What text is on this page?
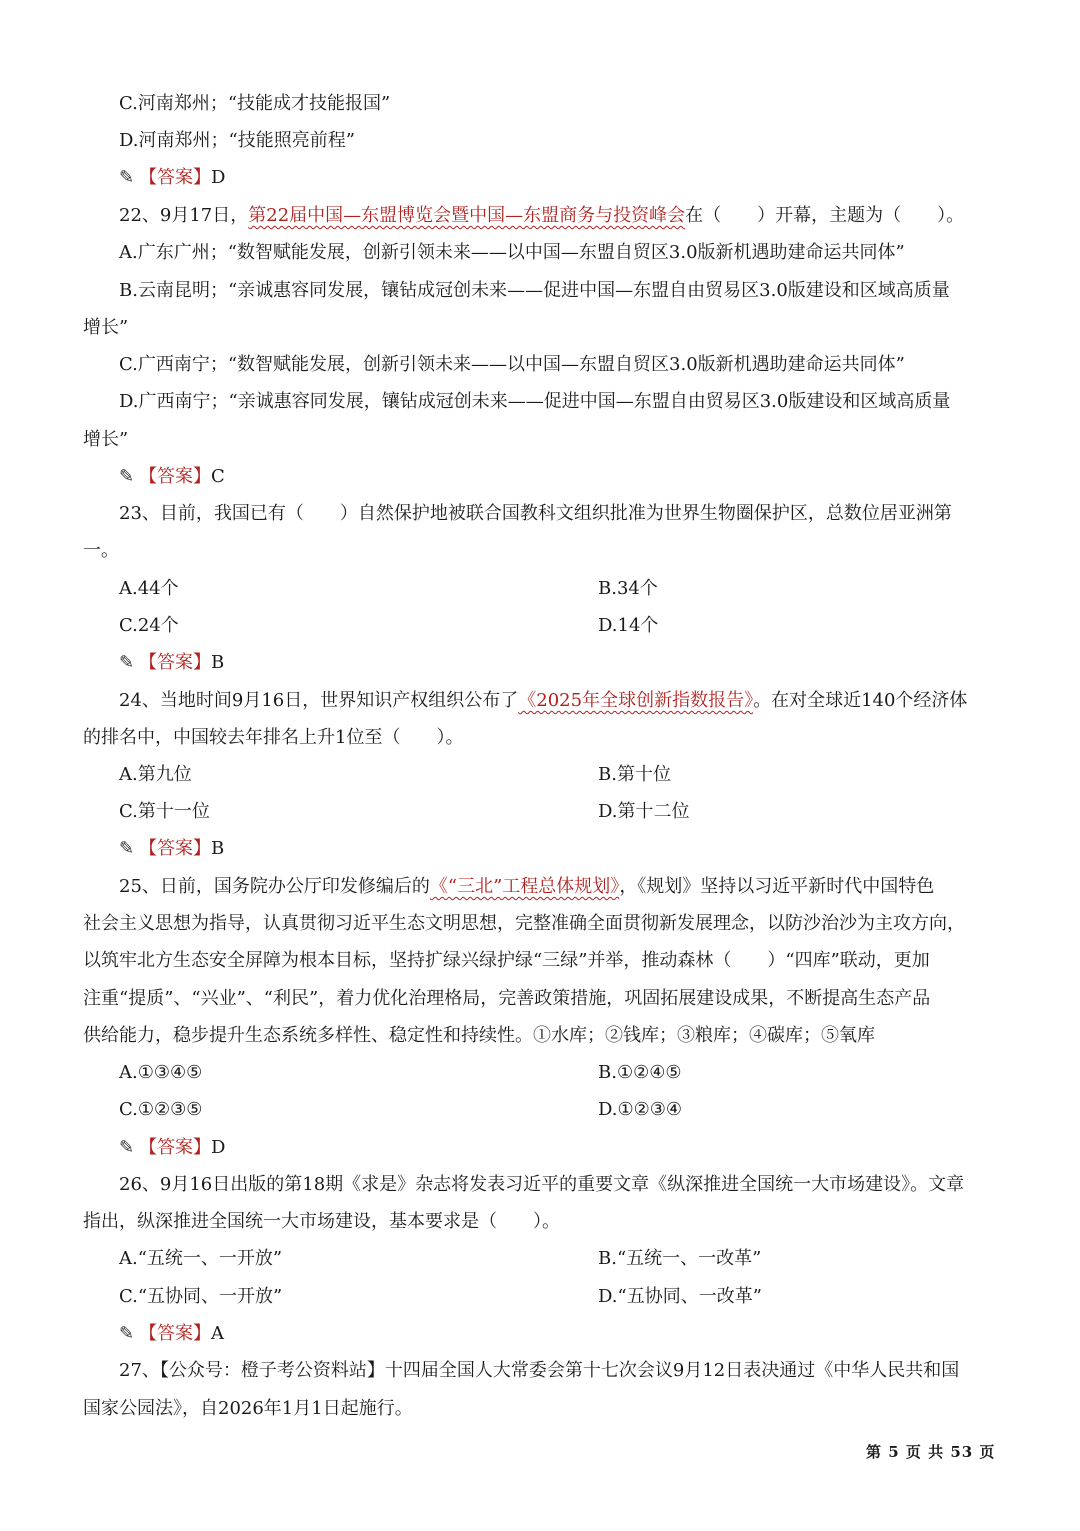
C.河南郑州；“技能成才技能报国”
D.河南郑州；“技能照亮前程”
✎ 【答案】D
22、9月17日，第22届中国—东盟博览会暨中国—东盟商务与投资峰会在（　　）开幕，主题为（　　）。
A.广东广州；“数智赋能发展，创新引领未来——以中国—东盟自贸区3.0版新机遇助建命运共同体”
B.云南昆明；“亲诚惠容同发展，镶钻成冠创未来——促进中国—东盟自由贸易区3.0版建设和区域高质量
增长”
C.广西南宁；“数智赋能发展，创新引领未来——以中国—东盟自贸区3.0版新机遇助建命运共同体”
D.广西南宁；“亲诚惠容同发展，镶钻成冠创未来——促进中国—东盟自由贸易区3.0版建设和区域高质量
增长”
✎ 【答案】C
23、目前，我国已有（　　）自然保护地被联合国教科文组织批准为世界生物圈保护区，总数位居亚洲第
一。
A.44个	B.34个
C.24个	D.14个
✎ 【答案】B
24、当地时间9月16日，世界知识产权组织公布了《2025年全球创新指数报告》。在对全球近140个经济体
的排名中，中国较去年排名上升1位至（　　）。
A.第九位	B.第十位
C.第十一位	D.第十二位
✎ 【答案】B
25、日前，国务院办公厅印发修编后的《“三北”工程总体规划》，《规划》坚持以习近平新时代中国特色
社会主义思想为指导，认真贯彻习近平生态文明思想，完整准确全面贯彻新发展理念，以防沙治沙为主攻方向，
以筑牢北方生态安全屏障为根本目标，坚持扩绿兴绿护绿“三绿”并举，推动森林（　　）“四库”联动，更加
注重“提质”、“兴业”、“利民”，着力优化治理格局，完善政策措施，巩固拓展建设成果，不断提高生态产品
供给能力，稳步提升生态系统多样性、稳定性和持续性。①水库；②钱库；③粮库；④碳库；⑤氧库
A.①③④⑤	B.①②④⑤
C.①②③⑤	D.①②③④
✎ 【答案】D
26、9月16日出版的第18期《求是》杂志将发表习近平的重要文章《纵深推进全国统一大市场建设》。文章
指出，纵深推进全国统一大市场建设，基本要求是（　　）。
A.“五统一、一开放”	B.“五统一、一改革”
C.“五协同、一开放”	D.“五协同、一改革”
✎ 【答案】A
27、【公众号：橙子考公资料站】十四届全国人大常委会第十七次会议9月12日表决通过《中华人民共和国
国家公园法》，自2026年1月1日起施行。
第 5 页 共 53 页
